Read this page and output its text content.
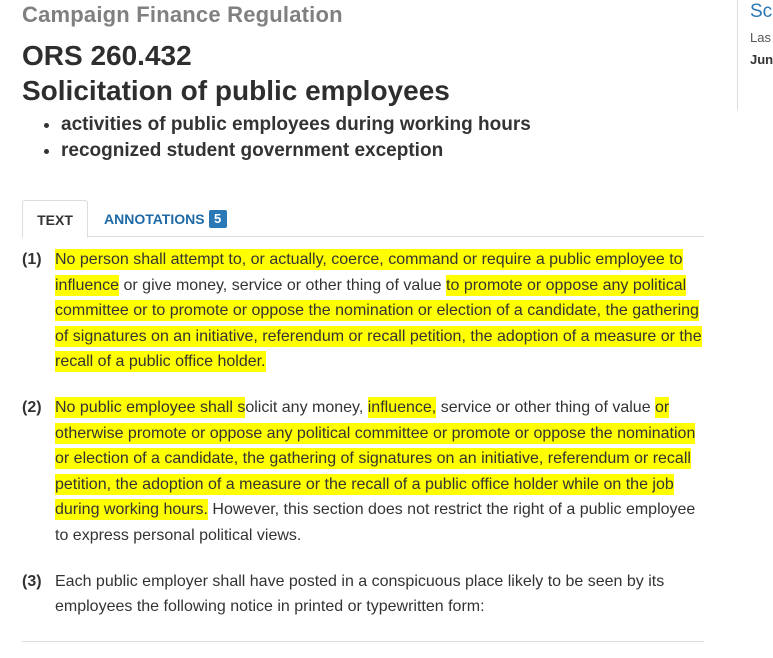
Campaign Finance Regulation
ORS 260.432
Solicitation of public employees
• activities of public employees during working hours
• recognized student government exception
TEXT	ANNOTATIONS 5
(1) No person shall attempt to, or actually, coerce, command or require a public employee to influence or give money, service or other thing of value to promote or oppose any political committee or to promote or oppose the nomination or election of a candidate, the gathering of signatures on an initiative, referendum or recall petition, the adoption of a measure or the recall of a public office holder.
(2) No public employee shall solicit any money, influence, service or other thing of value or otherwise promote or oppose any political committee or promote or oppose the nomination or election of a candidate, the gathering of signatures on an initiative, referendum or recall petition, the adoption of a measure or the recall of a public office holder while on the job during working hours. However, this section does not restrict the right of a public employee to express personal political views.
(3) Each public employer shall have posted in a conspicuous place likely to be seen by its employees the following notice in printed or typewritten form:
Sc
Las
Jun
